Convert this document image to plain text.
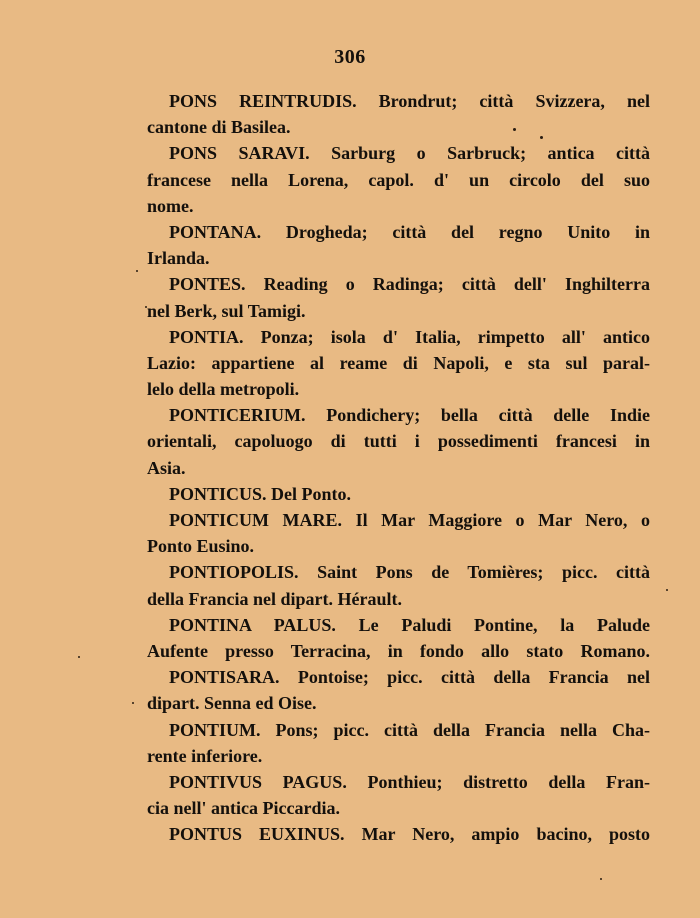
306
PONS REINTRUDIS. Brondrut; città Svizzera, nel
cantone di Basilea.
PONS SARAVI. Sarburg o Sarbruck; antica città
francese nella Lorena, capol. d' un circolo del suo
nome.
PONTANA. Drogheda; città del regno Unito in
Irlanda.
PONTES. Reading o Radinga; città dell' Inghilterra
nel Berk, sul Tamigi.
PONTIA. Ponza; isola d' Italia, rimpetto all' antico
Lazio: appartiene al reame di Napoli, e sta sul paral-
lelo della metropoli.
PONTICERIUM. Pondichery; bella città delle Indie
orientali, capoluogo di tutti i possedimenti francesi in
Asia.
PONTICUS. Del Ponto.
PONTICUM MARE. Il Mar Maggiore o Mar Nero, o
Ponto Eusino.
PONTIOPOLIS. Saint Pons de Tomières; picc. città
della Francia nel dipart. Hérault.
PONTINA PALUS. Le Paludi Pontine, la Palude
Aufente presso Terracina, in fondo allo stato Romano.
PONTISARA. Pontoise; picc. città della Francia nel
dipart. Senna ed Oise.
PONTIUM. Pons; picc. città della Francia nella Cha-
rente inferiore.
PONTIVUS PAGUS. Ponthieu; distretto della Fran-
cia nell' antica Piccardia.
PONTUS EUXINUS. Mar Nero, ampio bacino, posto
